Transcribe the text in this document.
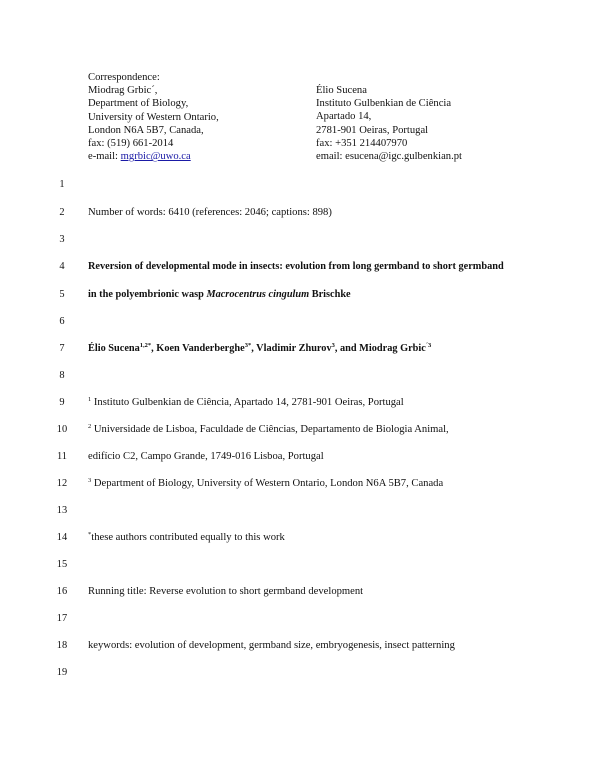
Correspondence:
Miodrag Grbic´,
Department of Biology,
University of Western Ontario,
London N6A 5B7, Canada,
fax: (519) 661-2014
e-mail: mgrbic@uwo.ca
Élio Sucena
Instituto Gulbenkian de Ciência
Apartado 14,
2781-901 Oeiras, Portugal
fax: +351 214407970
email: esucena@igc.gulbenkian.pt
1
2
3
4
5
6
7
8
9
10
11
12
13
14
15
16
17
18
19
Number of words: 6410 (references: 2046; captions: 898)
Reversion of developmental mode in insects: evolution from long germband to short germband
in the polyembrionic wasp Macrocentrus cingulum Brischke
Élio Sucena$^{1,2*}$, Koen Vanderberghe$^{3*}$, Vladimir Zhurov$^3$, and Miodrag Grbic$^{´3}$
$^1$ Instituto Gulbenkian de Ciência, Apartado 14, 2781-901 Oeiras, Portugal
$^2$ Universidade de Lisboa, Faculdade de Ciências, Departamento de Biologia Animal,
edifício C2, Campo Grande, 1749-016 Lisboa, Portugal
$^3$ Department of Biology, University of Western Ontario, London N6A 5B7, Canada
*these authors contributed equally to this work
Running title: Reverse evolution to short germband development
keywords: evolution of development, germband size, embryogenesis, insect patterning
